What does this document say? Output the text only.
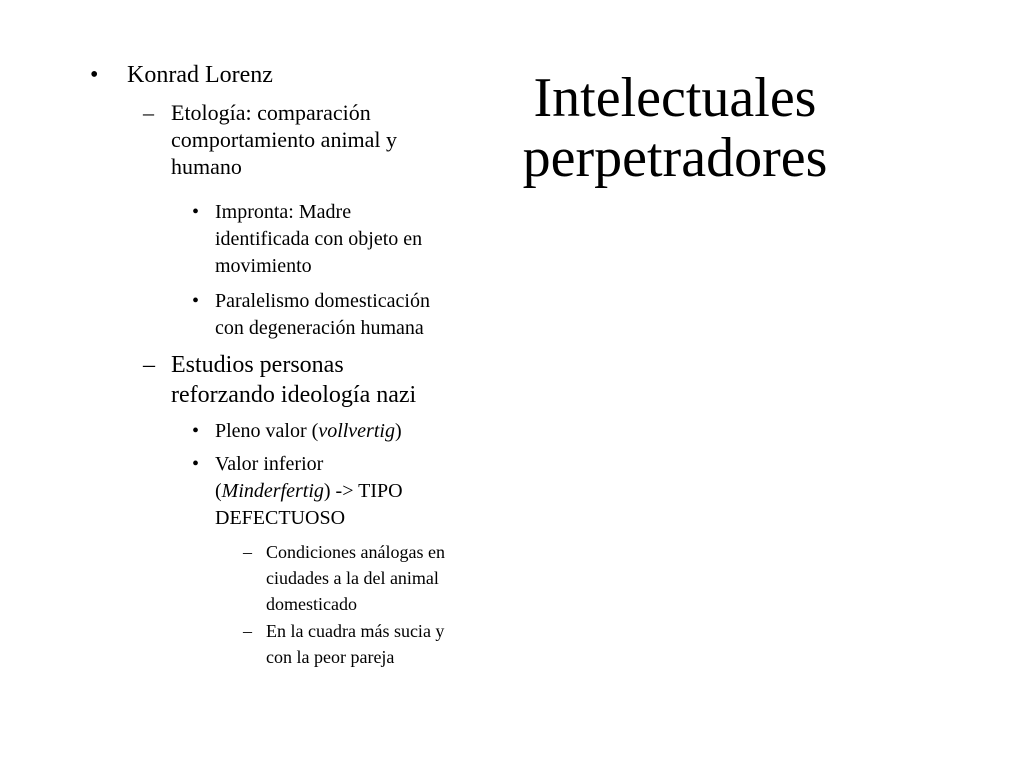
Intelectuales
perpetradores
• Konrad Lorenz
– Etología: comparación
comportamiento animal y
humano
• Impronta: Madre
identificada con objeto en
movimiento
• Paralelismo domesticación
con degeneración humana
– Estudios personas
reforzando ideología nazi
• Pleno valor (vollvertig)
• Valor inferior
(Minderfertig) -> TIPO
DEFECTUOSO
– Condiciones análogas en
ciudades a la del animal
domesticado
– En la cuadra más sucia y
con la peor pareja
